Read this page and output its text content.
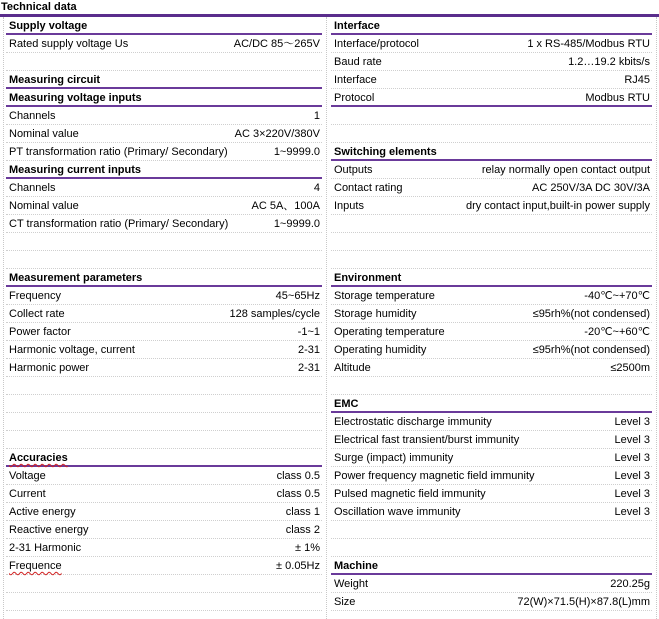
Technical data
Supply voltage
Rated supply voltage Us	AC/DC 85～265V
Measuring circuit
Measuring voltage inputs
Channels	1
Nominal value	AC 3×220V/380V
PT transformation ratio (Primary/ Secondary)	1~9999.0
Measuring current inputs
Channels	4
Nominal value	AC 5A、100A
CT transformation ratio (Primary/ Secondary)	1~9999.0
Measurement parameters
Frequency	45~65Hz
Collect rate	128 samples/cycle
Power factor	-1~1
Harmonic voltage, current	2-31
Harmonic power	2-31
Accuracies
Voltage	class 0.5
Current	class 0.5
Active energy	class 1
Reactive energy	class 2
2-31 Harmonic	± 1%
Frequence	± 0.05Hz
Interface
Interface/protocol	1 x RS-485/Modbus RTU
Baud rate	1.2…19.2 kbits/s
Interface	RJ45
Protocol	Modbus RTU
Switching elements
Outputs	relay normally open contact output
Contact rating	AC 250V/3A DC 30V/3A
Inputs	dry contact input,built-in power supply
Environment
Storage temperature	-40℃~+70℃
Storage humidity	≤95rh%(not condensed)
Operating temperature	-20℃~+60℃
Operating humidity	≤95rh%(not condensed)
Altitude	≤2500m
EMC
Electrostatic discharge immunity	Level 3
Electrical fast transient/burst immunity	Level 3
Surge (impact) immunity	Level 3
Power frequency magnetic field immunity	Level 3
Pulsed magnetic field immunity	Level 3
Oscillation wave immunity	Level 3
Machine
Weight	220.25g
Size	72(W)×71.5(H)×87.8(L)mm
